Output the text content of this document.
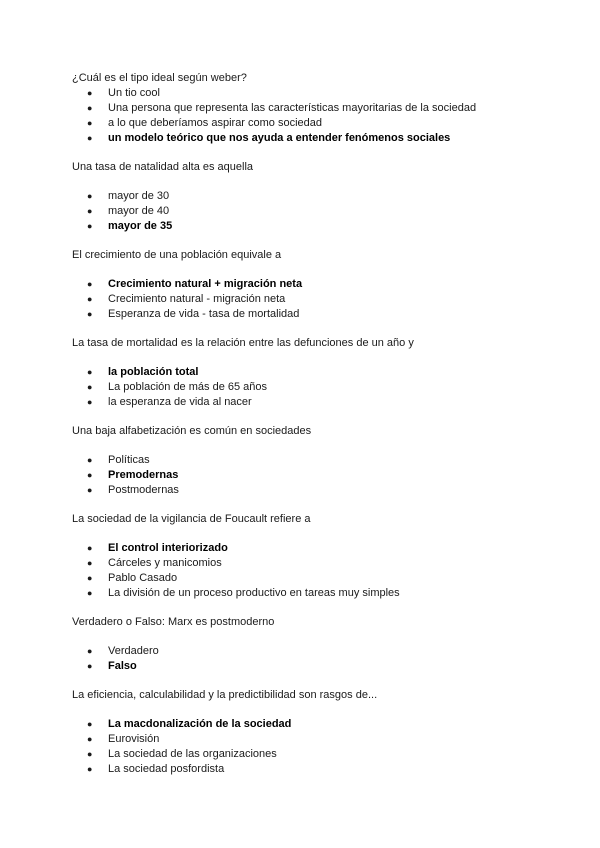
¿Cuál es el tipo ideal según weber?

● Un tio cool
● Una persona que representa las características mayoritarias de la sociedad
● a lo que deberíamos aspirar como sociedad
● un modelo teórico que nos ayuda a entender fenómenos sociales

Una tasa de natalidad alta es aquella

● mayor de 30
● mayor de 40
● mayor de 35

El crecimiento de una población equivale a

● Crecimiento natural + migración neta
● Crecimiento natural - migración neta
● Esperanza de vida - tasa de mortalidad

La tasa de mortalidad es la relación entre las defunciones de un año y

● la población total
● La población de más de 65 años
● la esperanza de vida al nacer

Una baja alfabetización es común en sociedades

● Políticas
● Premodernas
● Postmodernas

La sociedad de la vigilancia de Foucault refiere a

● El control interiorizado
● Cárceles y manicomios
● Pablo Casado
● La división de un proceso productivo en tareas muy simples

Verdadero o Falso: Marx es postmoderno

● Verdadero
● Falso

La eficiencia, calculabilidad y la predictibilidad son rasgos de...

● La macdonalización de la sociedad
● Eurovisión
● La sociedad de las organizaciones
● La sociedad posfordista
